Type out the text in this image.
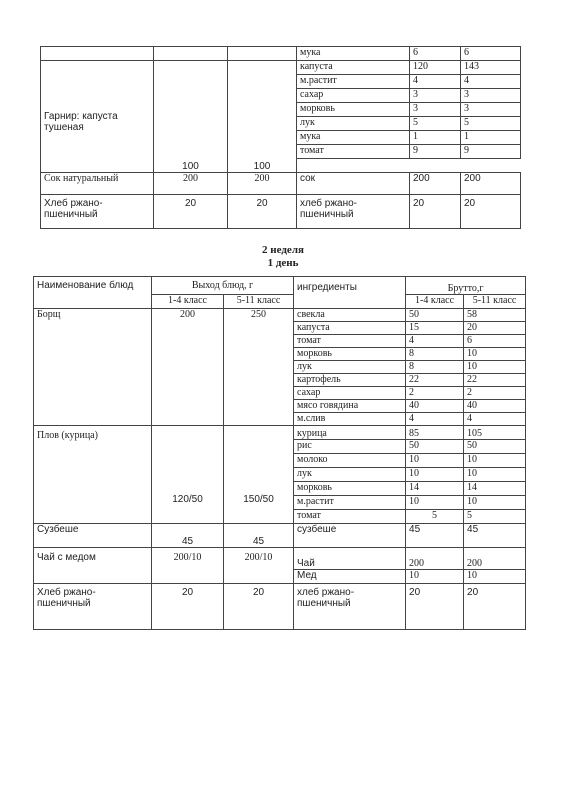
			мука	6	6
Гарнир: капуста тушеная	100	100	капуста	120	143
			м.растит	4	4
			сахар	3	3
			морковь	3	3
			лук	5	5
			мука	1	1
			томат	9	9

Сок натуральный	200	200	сок	200	200
Хлеб ржано-пшеничный	20	20	хлеб ржано-пшеничный	20	20
2 неделя
1 день
Наименование блюд	Выход блюд, г		ингредиенты	Брутто,г	
	1-4 класс	5-11 класс		1-4 класс	5-11 класс
Борщ	200	250	свекла	50	58
			капуста	15	20
			томат	4	6
			морковь	8	10
			лук	8	10
			картофель	22	22
			сахар	2	2
			мясо говядина	40	40
			м.слив	4	4
Плов (курица)	120/50	150/50	курица	85	105
			рис	50	50
			молоко	10	10
			лук	10	10
			морковь	14	14
			м.растит	10	10
			томат	5	5
Сузбеше	45	45	сузбеше	45	45
Чай с медом	200/10	200/10	Чай	200	200
			Мед	10	10
Хлеб ржано-пшеничный	20	20	хлеб ржано-пшеничный	20	20
